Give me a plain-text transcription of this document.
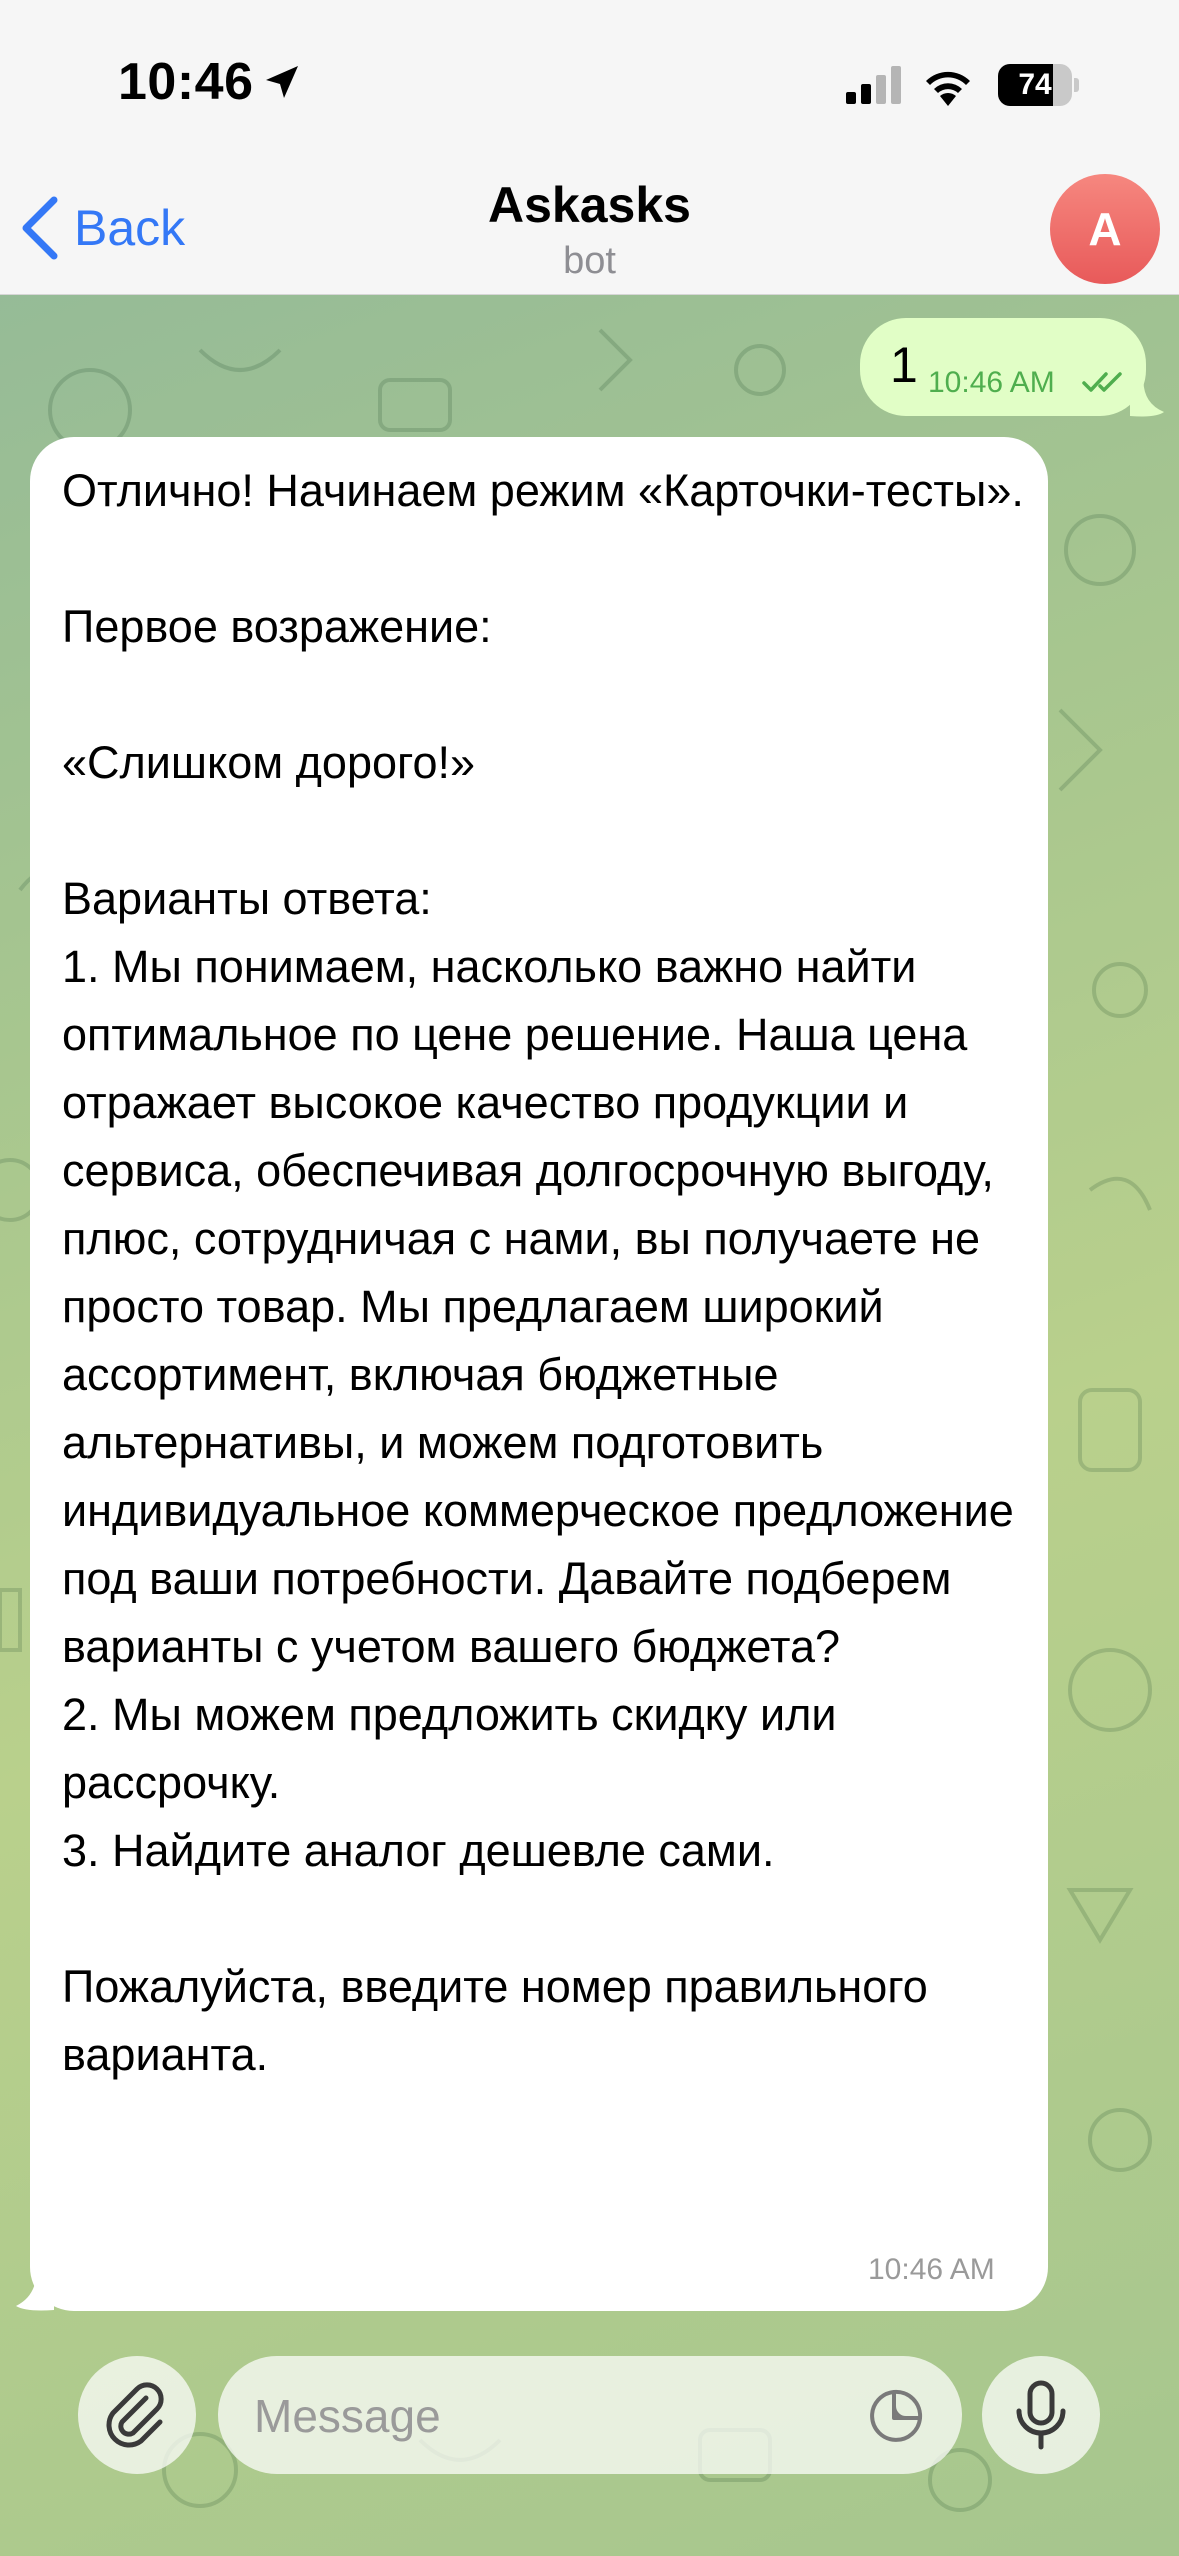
10:46	74
Back	Askasks
bot
A
1 10:46 AM

Отлично! Начинаем режим «Карточки-тесты».

Первое возражение:

«Слишком дорого!»

Варианты ответа:

1. Мы понимаем, насколько важно найти оптимальное по цене решение. Наша цена отражает высокое качество продукции и сервиса, обеспечивая долгосрочную выгоду, плюс, сотрудничая с нами, вы получаете не просто товар. Мы предлагаем широкий ассортимент, включая бюджетные альтернативы, и можем подготовить индивидуальное коммерческое предложение под ваши потребности. Давайте подберем варианты с учетом вашего бюджета?

2. Мы можем предложить скидку или рассрочку.

3. Найдите аналог дешевле сами.

Пожалуйста, введите номер правильного варианта.

10:46 AM
Message
